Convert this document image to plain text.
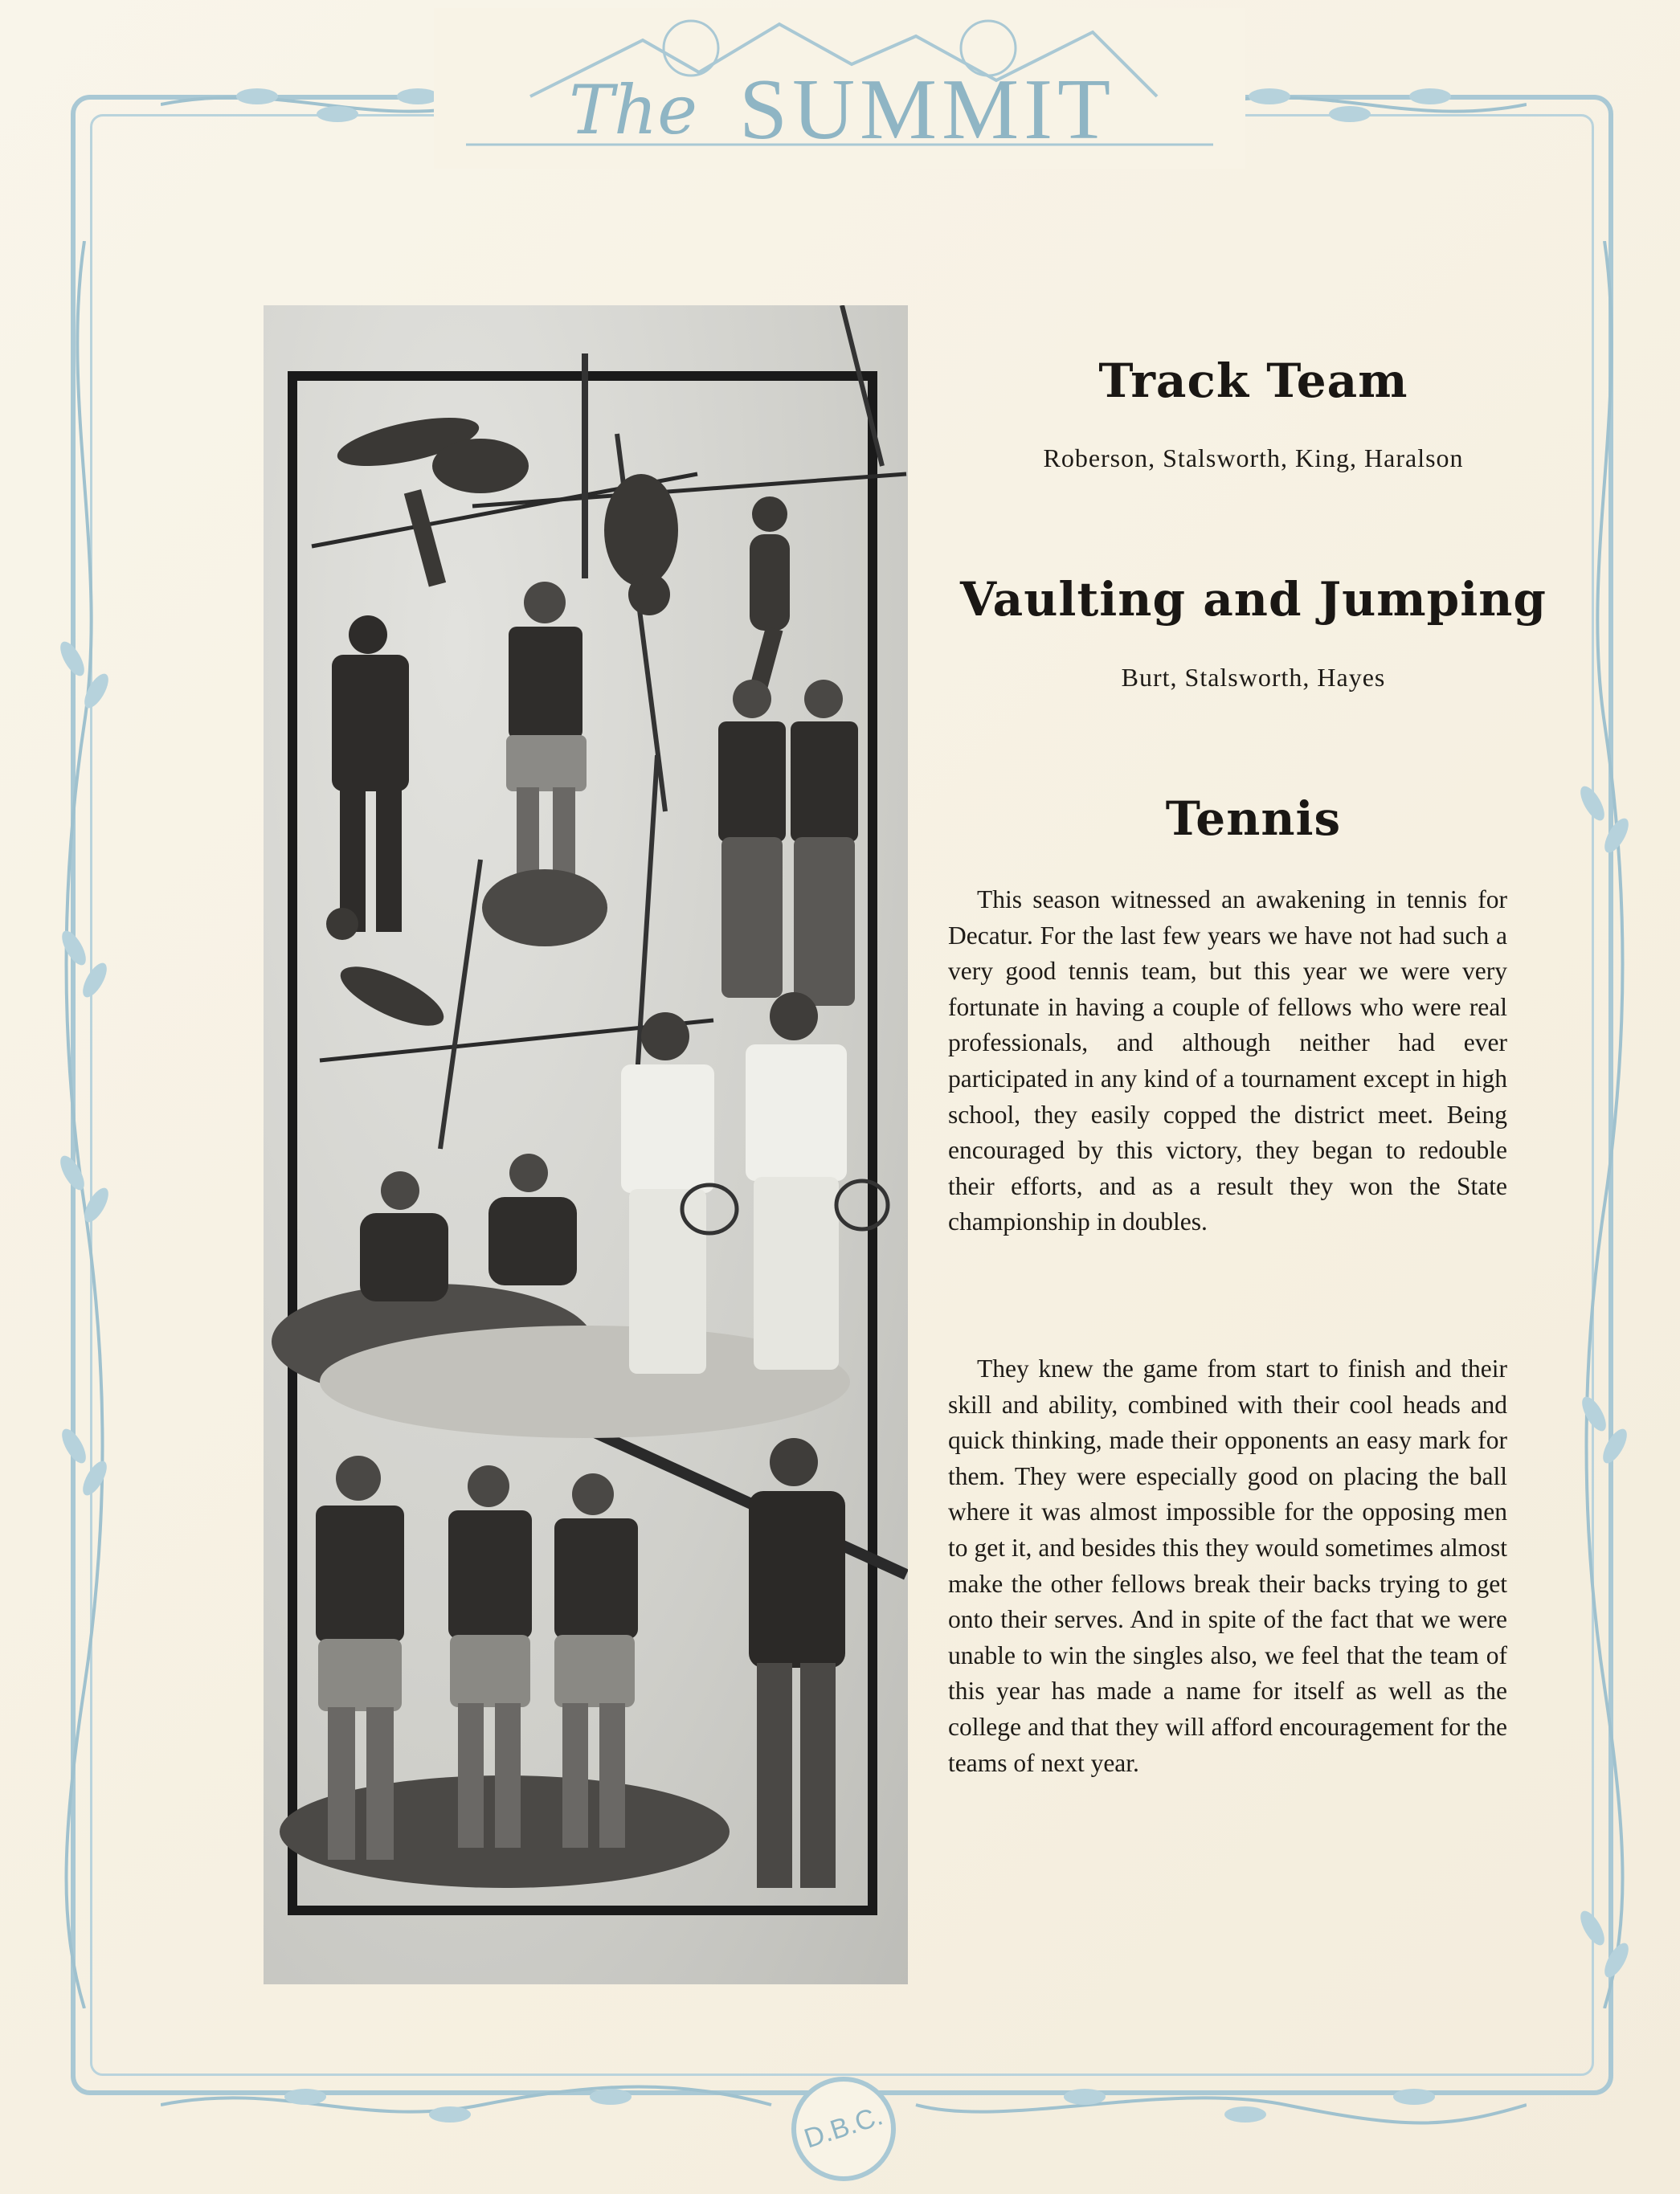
The SUMMIT
D.B.C.
Track Team
Roberson, Stalsworth, King, Haralson
Vaulting and Jumping
Burt, Stalsworth, Hayes
Tennis
This season witnessed an awakening in tennis for Decatur. For the last few years we have not had such a very good tennis team, but this year we were very fortunate in having a couple of fellows who were real professionals, and although neither had ever participated in any kind of a tournament except in high school, they easily copped the district meet. Being encouraged by this victory, they began to redouble their efforts, and as a result they won the State championship in doubles.
They knew the game from start to finish and their skill and ability, combined with their cool heads and quick thinking, made their opponents an easy mark for them. They were especially good on placing the ball where it was almost impossible for the opposing men to get it, and besides this they would sometimes almost make the other fellows break their backs trying to get onto their serves. And in spite of the fact that we were unable to win the singles also, we feel that the team of this year has made a name for itself as well as the college and that they will afford encouragement for the teams of next year.
